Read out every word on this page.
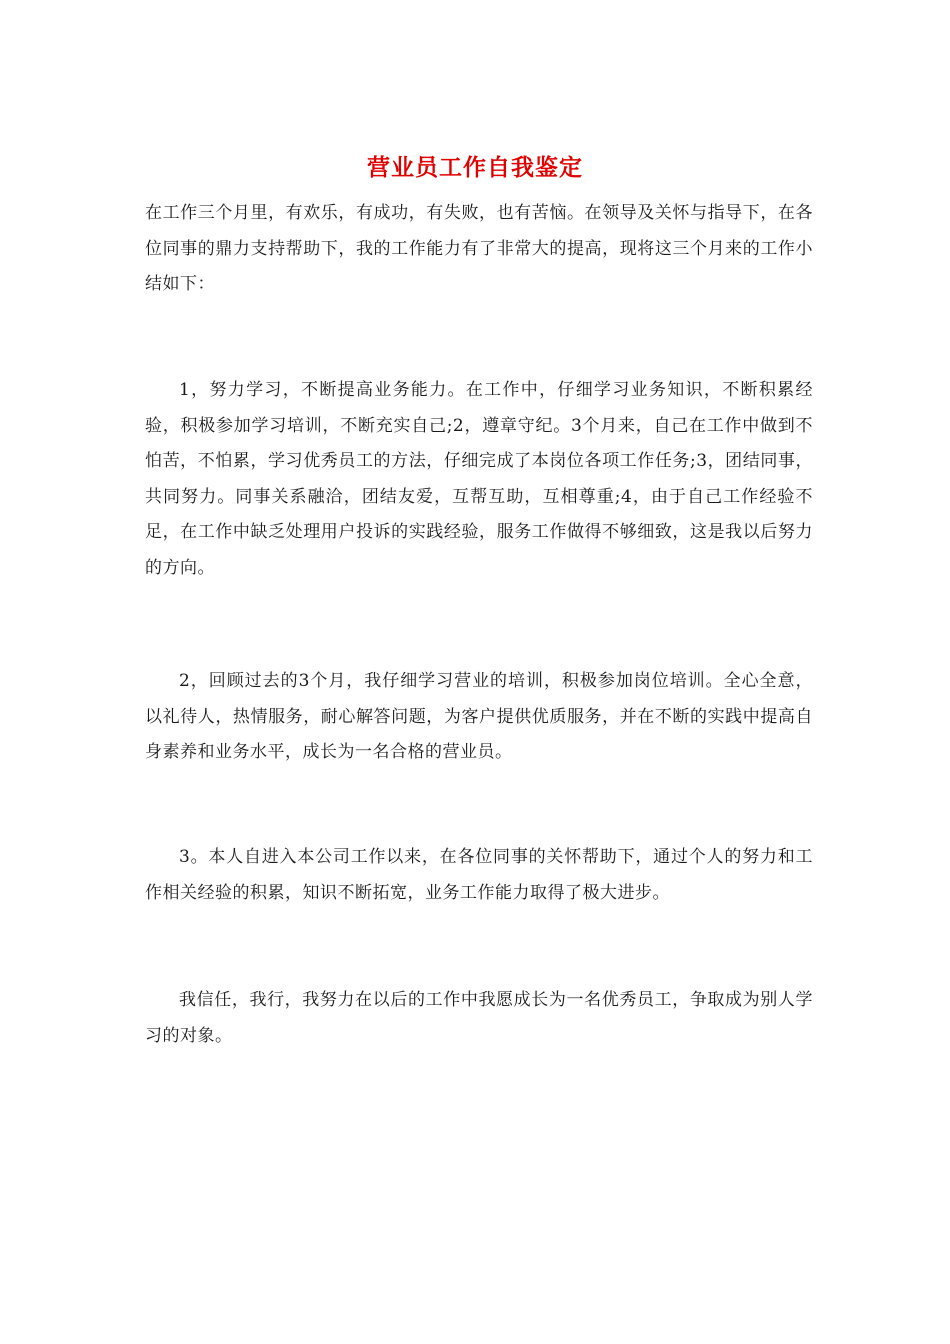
营业员工作自我鉴定

在工作三个月里，有欢乐，有成功，有失败，也有苦恼。在领导及关怀与指导下，在各位同事的鼎力支持帮助下，我的工作能力有了非常大的提高，现将这三个月来的工作小结如下：

1，努力学习，不断提高业务能力。在工作中，仔细学习业务知识，不断积累经验，积极参加学习培训，不断充实自己;2，遵章守纪。3个月来，自己在工作中做到不怕苦，不怕累，学习优秀员工的方法，仔细完成了本岗位各项工作任务;3，团结同事，共同努力。同事关系融洽，团结友爱，互帮互助，互相尊重;4，由于自己工作经验不足，在工作中缺乏处理用户投诉的实践经验，服务工作做得不够细致，这是我以后努力的方向。

2，回顾过去的3个月，我仔细学习营业的培训，积极参加岗位培训。全心全意，以礼待人，热情服务，耐心解答问题，为客户提供优质服务，并在不断的实践中提高自身素养和业务水平，成长为一名合格的营业员。

3。本人自进入本公司工作以来，在各位同事的关怀帮助下，通过个人的努力和工作相关经验的积累，知识不断拓宽，业务工作能力取得了极大进步。

我信任，我行，我努力在以后的工作中我愿成长为一名优秀员工，争取成为别人学习的对象。
